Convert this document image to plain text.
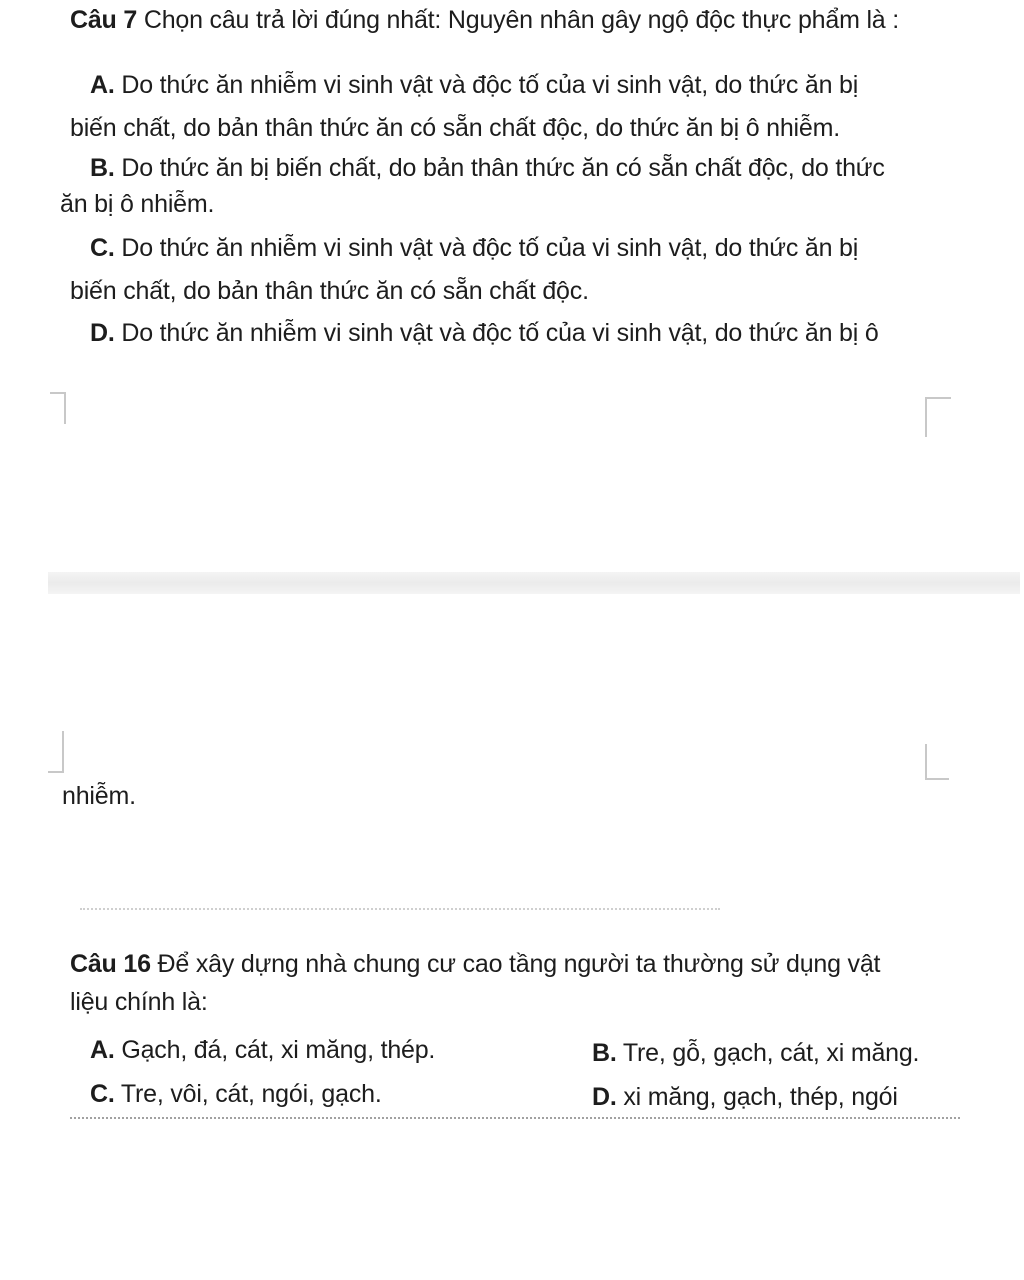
Câu 7 Chọn câu trả lời đúng nhất: Nguyên nhân gây ngộ độc thực phẩm là :
A. Do thức ăn nhiễm vi sinh vật và độc tố của vi sinh vật, do thức ăn bị
biến chất, do bản thân thức ăn có sẵn chất độc, do thức ăn bị ô nhiễm.
B. Do thức ăn bị biến chất, do bản thân thức ăn có sẵn chất độc, do thức
ăn bị ô nhiễm.
C. Do thức ăn nhiễm vi sinh vật và độc tố của vi sinh vật, do thức ăn bị
biến chất, do bản thân thức ăn có sẵn chất độc.
D. Do thức ăn nhiễm vi sinh vật và độc tố của vi sinh vật, do thức ăn bị ô
nhiễm.
Câu 16 Để xây dựng nhà chung cư cao tầng người ta thường sử dụng vật
liệu chính là:
A. Gạch, đá, cát, xi măng, thép.	B. Tre, gỗ, gạch, cát, xi măng.
C. Tre, vôi, cát, ngói, gạch.	D. xi măng, gạch, thép, ngói
